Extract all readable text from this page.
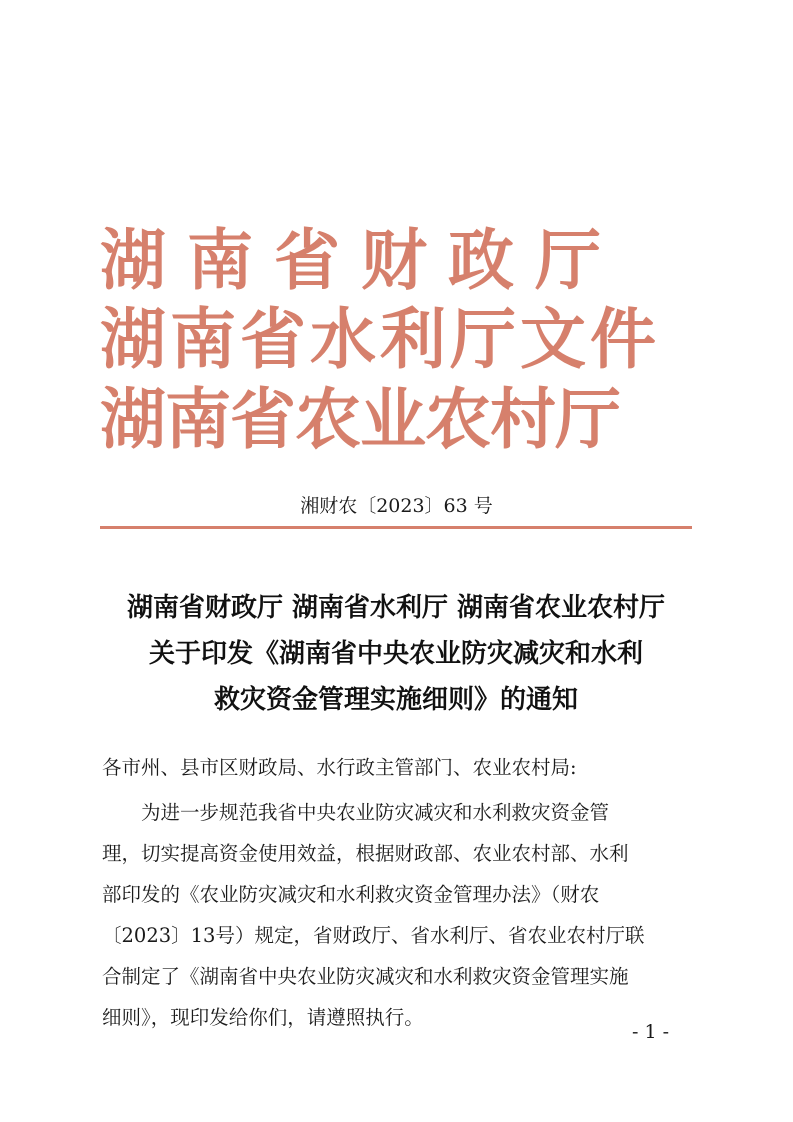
湖南省财政厅
湖南省水利厅文件
湖南省农业农村厅
湘财农〔2023〕63 号
湖南省财政厅 湖南省水利厅 湖南省农业农村厅
关于印发《湖南省中央农业防灾减灾和水利
救灾资金管理实施细则》的通知
各市州、县市区财政局、水行政主管部门、农业农村局:
为进一步规范我省中央农业防灾减灾和水利救灾资金管
理，切实提高资金使用效益，根据财政部、农业农村部、水利
部印发的《农业防灾减灾和水利救灾资金管理办法》（财农
〔2023〕13号）规定，省财政厅、省水利厅、省农业农村厅联
合制定了《湖南省中央农业防灾减灾和水利救灾资金管理实施
细则》，现印发给你们，请遵照执行。
- 1 -
